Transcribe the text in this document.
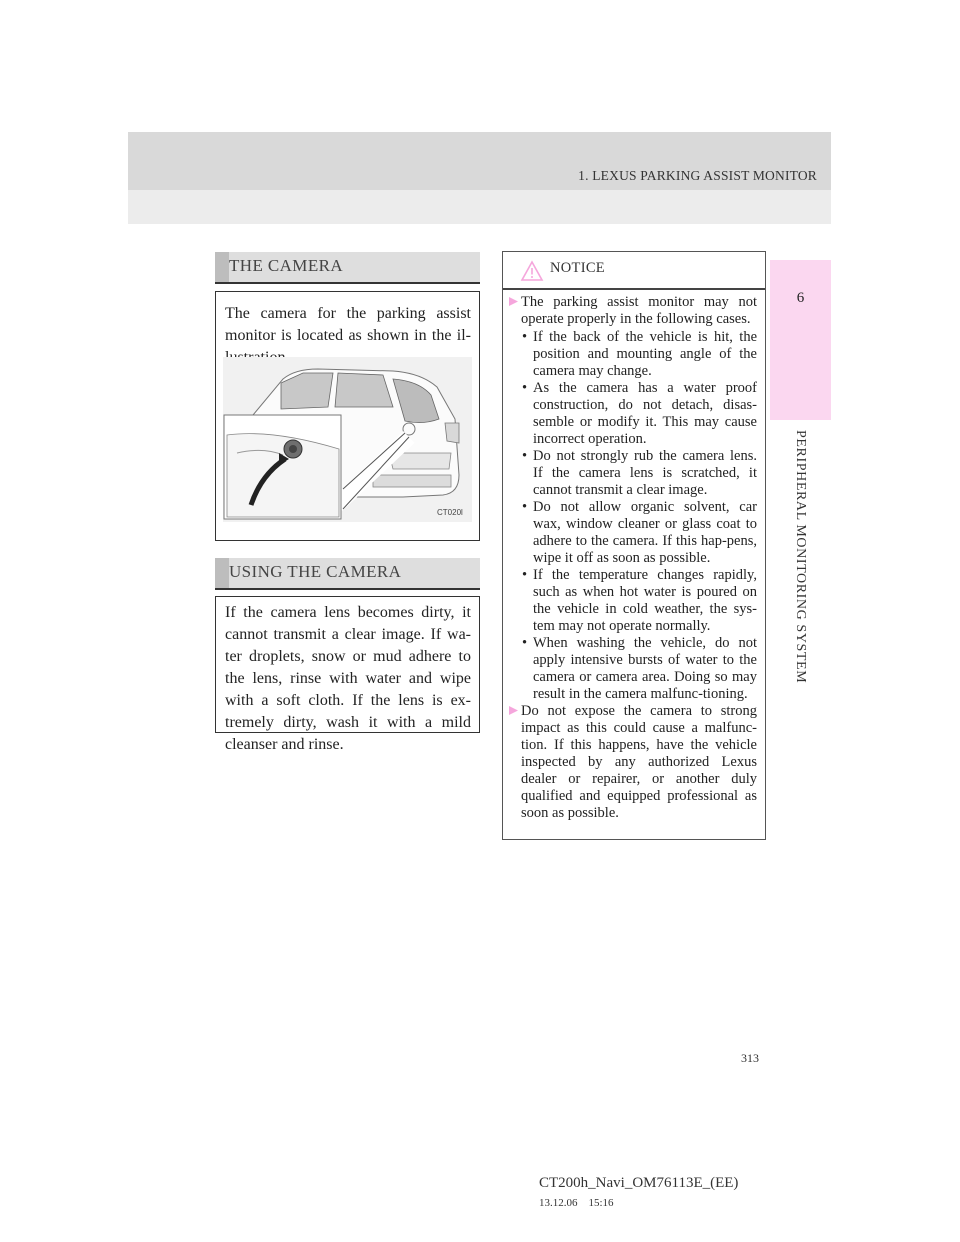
1. LEXUS PARKING ASSIST MONITOR
6
PERIPHERAL MONITORING SYSTEM
THE CAMERA

The camera for the parking assist monitor is located as shown in the il-

CT020l
USING THE CAMERA

If the camera lens becomes dirty, it cannot transmit a clear image. If wa-ter droplets, snow or mud adhere to the lens, rinse with water and wipe with a soft cloth. If the lens is ex-tremely dirty, wash it with a mild cleanser and rinse.

NOTICE
The parking assist monitor may not operate properly in the following cases.
• If the back of the vehicle is hit, the position and mounting angle of the camera may change.
• As the camera has a water proof construction, do not detach, disas-semble or modify it. This may cause incorrect operation.
• Do not strongly rub the camera lens. If the camera lens is scratched, it cannot transmit a clear image.
• Do not allow organic solvent, car wax, window cleaner or glass coat to adhere to the camera. If this hap-pens, wipe it off as soon as possible.
• If the temperature changes rapidly, such as when hot water is poured on the vehicle in cold weather, the sys-tem may not operate normally.
• When washing the vehicle, do not apply intensive bursts of water to the camera or camera area. Doing so may result in the camera malfunc-tioning.
Do not expose the camera to strong impact as this could cause a malfunc-tion. If this happens, have the vehicle inspected by any authorized Lexus dealer or repairer, or another duly qualified and equipped professional as soon as possible.
313
CT200h_Navi_OM76113E_(EE)
13.12.06    15:16
